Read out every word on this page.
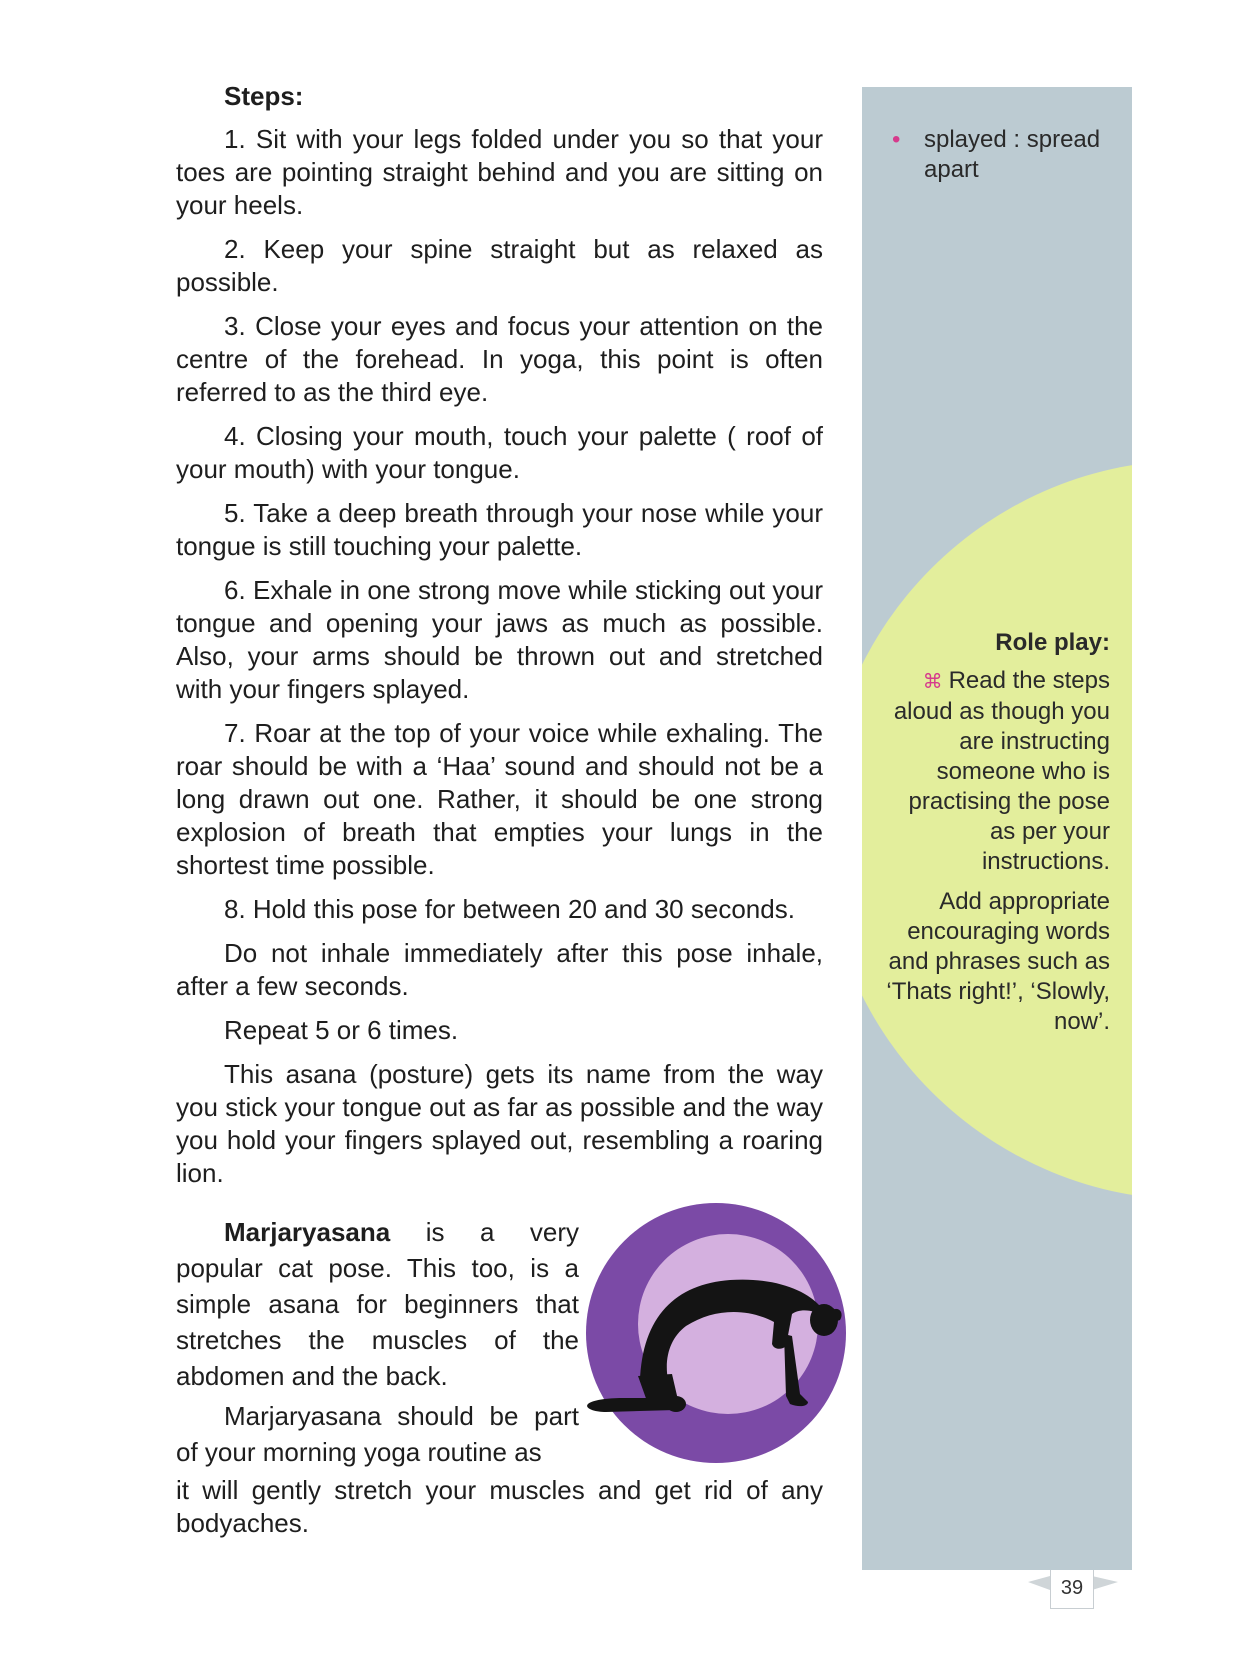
• splayed : spread apart
Role play:

⌘ Read the steps aloud as though you are instructing someone who is practising the pose as per your instructions.

Add appropriate encouraging words and phrases such as ‘Thats right!’, ‘Slowly, now’.

Steps:

1. Sit with your legs folded under you so that your toes are pointing straight behind and you are sitting on your heels.

2. Keep your spine straight but as relaxed as possible.

3. Close your eyes and focus your attention on the centre of the forehead. In yoga, this point is often referred to as the third eye.

4. Closing your mouth, touch your palette ( roof of your mouth) with your tongue.

5. Take a deep breath through your nose while your tongue is still touching your palette.

6. Exhale in one strong move while sticking out your tongue and opening your jaws as much as possible. Also, your arms should be thrown out and stretched with your fingers splayed.

7. Roar at the top of your voice while exhaling. The roar should be with a ‘Haa’ sound and should not be a long drawn out one. Rather, it should be one strong explosion of breath that empties your lungs in the shortest time possible.

8. Hold this pose for between 20 and 30 seconds.

Do not inhale immediately after this pose inhale, after a few seconds.

Repeat 5 or 6 times.

This asana (posture) gets its name from the way you stick your tongue out as far as possible and the way you hold your fingers splayed out, resembling a roaring lion.

Marjaryasana is a very popular cat pose. This too, is a simple asana for beginners that stretches the muscles of the abdomen and the back.

Marjaryasana should be part of your morning yoga routine as

it will gently stretch your muscles and get rid of any bodyaches.

39
